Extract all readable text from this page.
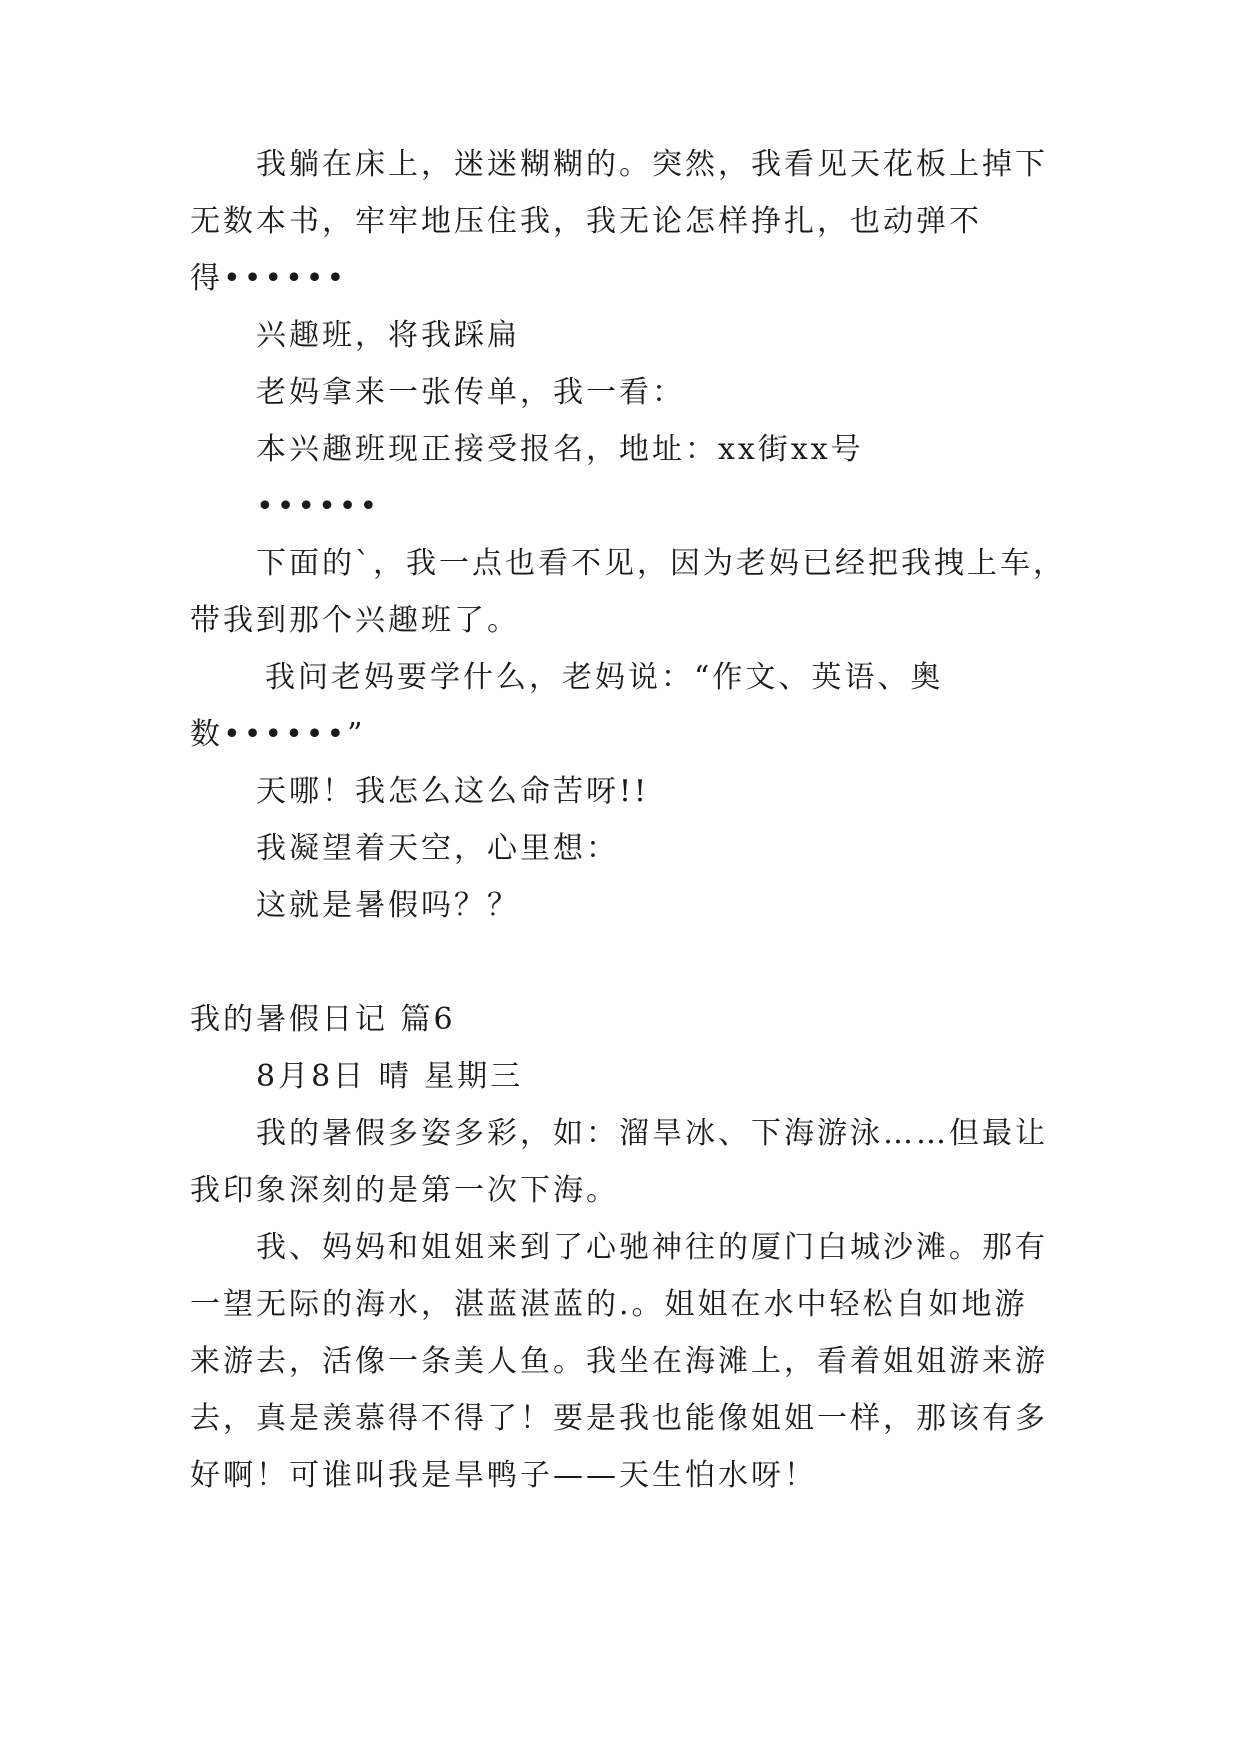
我躺在床上，迷迷糊糊的。突然，我看见天花板上掉下
无数本书，牢牢地压住我，我无论怎样挣扎，也动弹不
得••••••
兴趣班，将我踩扁
老妈拿来一张传单，我一看：
本兴趣班现正接受报名，地址：xx街xx号
••••••
下面的`，我一点也看不见，因为老妈已经把我拽上车，
带我到那个兴趣班了。
我问老妈要学什么，老妈说：“作文、英语、奥
数••••••”
天哪！我怎么这么命苦呀!!
我凝望着天空，心里想：
这就是暑假吗？？
我的暑假日记 篇6
8月8日 晴 星期三
我的暑假多姿多彩，如：溜旱冰、下海游泳……但最让
我印象深刻的是第一次下海。
我、妈妈和姐姐来到了心驰神往的厦门白城沙滩。那有
一望无际的海水，湛蓝湛蓝的.。姐姐在水中轻松自如地游
来游去，活像一条美人鱼。我坐在海滩上，看着姐姐游来游
去，真是羡慕得不得了！要是我也能像姐姐一样，那该有多
好啊！可谁叫我是旱鸭子——天生怕水呀！
